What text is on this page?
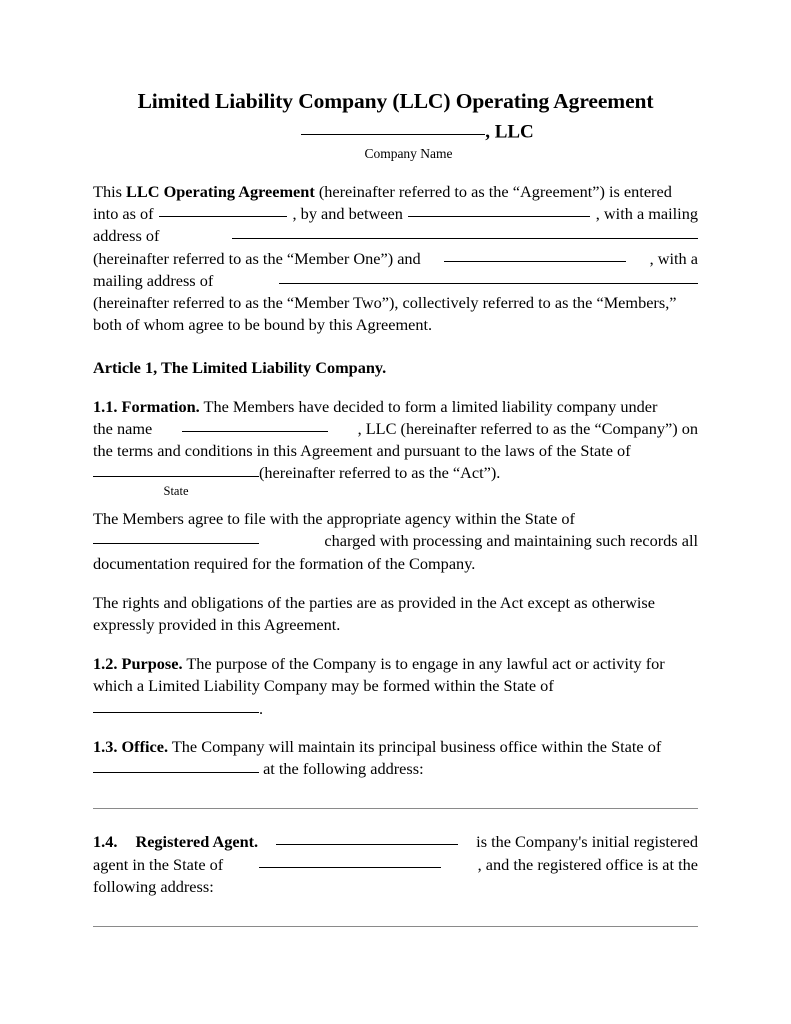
Limited Liability Company (LLC) Operating Agreement
, LLC
Company Name

This LLC Operating Agreement (hereinafter referred to as the “Agreement”) is entered

into as of	, by and between	, with a mailing
address of
(hereinafter referred to as the “Member One”) and	, with a
mailing address of

(hereinafter referred to as the “Member Two”), collectively referred to as the “Members,”

both of whom agree to be bound by this Agreement.

Article 1, The Limited Liability Company.

1.1. Formation. The Members have decided to form a limited liability company under

the name	, LLC (hereinafter referred to as the “Company”) on

the terms and conditions in this Agreement and pursuant to the laws of the State of

State
(hereinafter referred to as the “Act”).

The Members agree to file with the appropriate agency within the State of

charged with processing and maintaining such records all

documentation required for the formation of the Company.

The rights and obligations of the parties are as provided in the Act except as otherwise

expressly provided in this Agreement.

1.2. Purpose. The purpose of the Company is to engage in any lawful act or activity for

which a Limited Liability Company may be formed within the State of

.

1.3. Office. The Company will maintain its principal business office within the State of

at the following address:
1.4. Registered Agent.	is the Company's initial registered
agent in the State of	, and the registered office is at the

following address:
